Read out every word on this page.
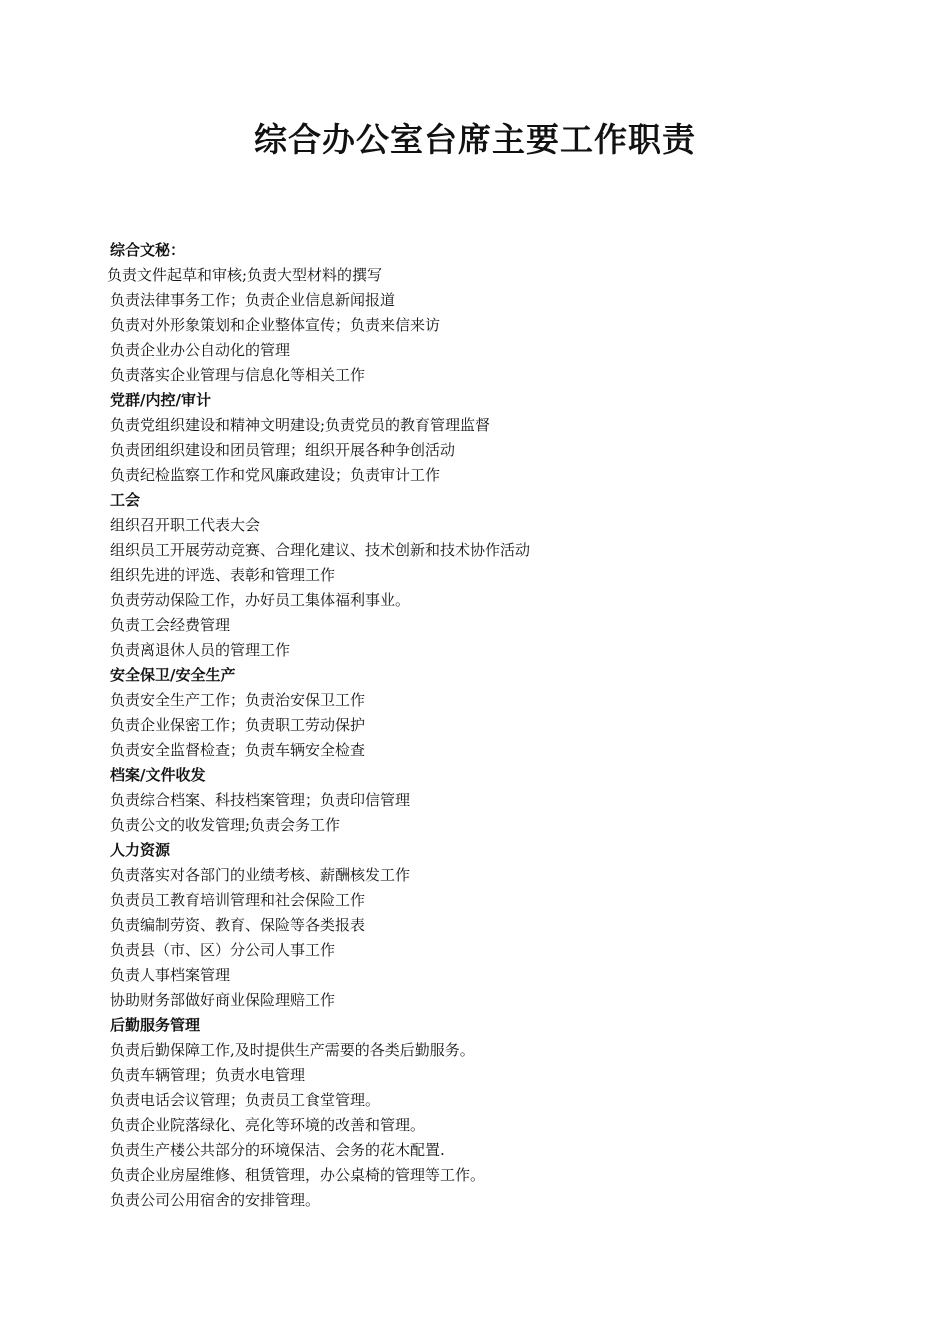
综合办公室台席主要工作职责
综合文秘：
负责文件起草和审核;负责大型材料的撰写
负责法律事务工作；负责企业信息新闻报道
负责对外形象策划和企业整体宣传；负责来信来访
负责企业办公自动化的管理
负责落实企业管理与信息化等相关工作
党群/内控/审计
负责党组织建设和精神文明建设;负责党员的教育管理监督
负责团组织建设和团员管理；组织开展各种争创活动
负责纪检监察工作和党风廉政建设；负责审计工作
工会
组织召开职工代表大会
组织员工开展劳动竞赛、合理化建议、技术创新和技术协作活动
组织先进的评选、表彰和管理工作
负责劳动保险工作，办好员工集体福利事业。
负责工会经费管理
负责离退休人员的管理工作
安全保卫/安全生产
负责安全生产工作；负责治安保卫工作
负责企业保密工作；负责职工劳动保护
负责安全监督检查；负责车辆安全检查
档案/文件收发
负责综合档案、科技档案管理；负责印信管理
负责公文的收发管理;负责会务工作
人力资源
负责落实对各部门的业绩考核、薪酬核发工作
负责员工教育培训管理和社会保险工作
负责编制劳资、教育、保险等各类报表
负责县（市、区）分公司人事工作
负责人事档案管理
协助财务部做好商业保险理赔工作
后勤服务管理
负责后勤保障工作,及时提供生产需要的各类后勤服务。
负责车辆管理；负责水电管理
负责电话会议管理；负责员工食堂管理。
负责企业院落绿化、亮化等环境的改善和管理。
负责生产楼公共部分的环境保洁、会务的花木配置.
负责企业房屋维修、租赁管理，办公桌椅的管理等工作。
负责公司公用宿舍的安排管理。
